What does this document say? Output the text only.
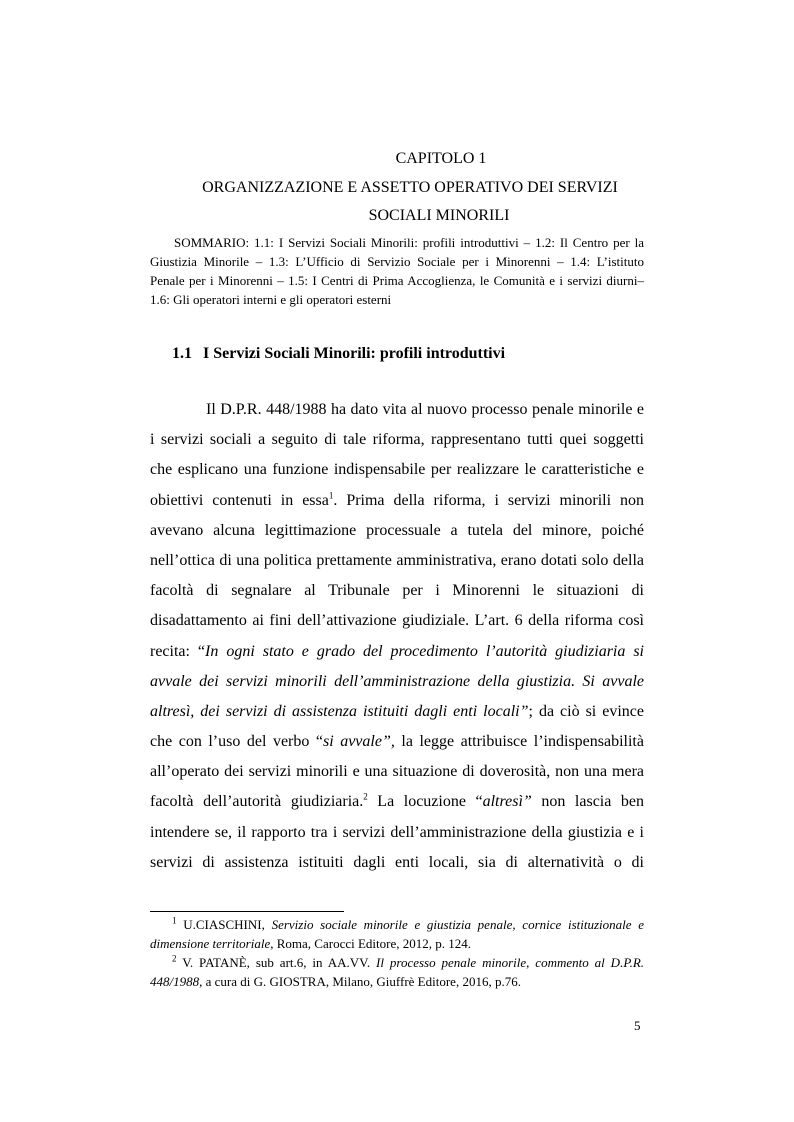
CAPITOLO 1
ORGANIZZAZIONE E ASSETTO OPERATIVO DEI SERVIZI
SOCIALI MINORILI
SOMMARIO: 1.1: I Servizi Sociali Minorili: profili introduttivi – 1.2: Il Centro per la
Giustizia Minorile – 1.3: L’Ufficio di Servizio Sociale per i Minorenni – 1.4: L’istituto
Penale per i Minorenni – 1.5: I Centri di Prima Accoglienza, le Comunità e i servizi diurni–
1.6: Gli operatori interni e gli operatori esterni
1.1 I Servizi Sociali Minorili: profili introduttivi
Il D.P.R. 448/1988 ha dato vita al nuovo processo penale minorile e
i servizi sociali a seguito di tale riforma, rappresentano tutti quei soggetti
che esplicano una funzione indispensabile per realizzare le caratteristiche e
obiettivi contenuti in essa$^1$. Prima della riforma, i servizi minorili non
avevano alcuna legittimazione processuale a tutela del minore, poiché
nell’ottica di una politica prettamente amministrativa, erano dotati solo della
facoltà di segnalare al Tribunale per i Minorenni le situazioni di
disadattamento ai fini dell’attivazione giudiziale. L’art. 6 della riforma così
recita: “In ogni stato e grado del procedimento l’autorità giudiziaria si
avvale dei servizi minorili dell’amministrazione della giustizia. Si avvale
altresì, dei servizi di assistenza istituiti dagli enti locali”; da ciò si evince
che con l’uso del verbo “si avvale”, la legge attribuisce l’indispensabilità
all’operato dei servizi minorili e una situazione di doverosità, non una mera
facoltà dell’autorità giudiziaria.$^2$ La locuzione “altresì” non lascia ben
intendere se, il rapporto tra i servizi dell’amministrazione della giustizia e i
servizi di assistenza istituiti dagli enti locali, sia di alternatività o di
$^1$ U.CIASCHINI, Servizio sociale minorile e giustizia penale, cornice istituzionale e
dimensione territoriale, Roma, Carocci Editore, 2012, p. 124.
$^2$ V. PATANÈ, sub art.6, in AA.VV. Il processo penale minorile, commento al D.P.R.
448/1988, a cura di G. GIOSTRA, Milano, Giuffrè Editore, 2016, p.76.
5
